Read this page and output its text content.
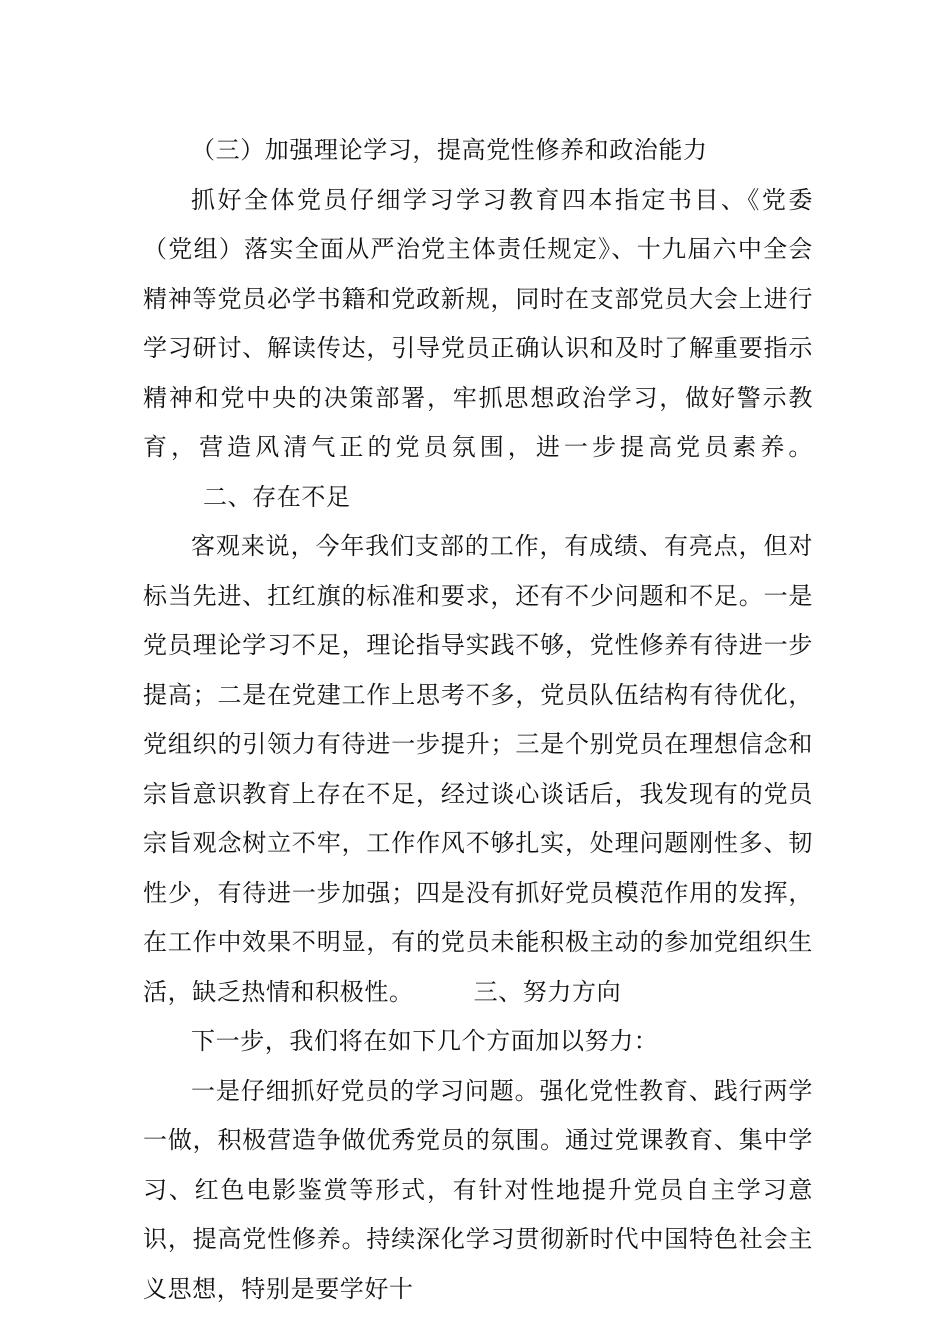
（三）加强理论学习，提高党性修养和政治能力

抓好全体党员仔细学习学习教育四本指定书目、《党委（党组）落实全面从严治党主体责任规定》、十九届六中全会精神等党员必学书籍和党政新规，同时在支部党员大会上进行学习研讨、解读传达，引导党员正确认识和及时了解重要指示精神和党中央的决策部署，牢抓思想政治学习，做好警示教育，营造风清气正的党员氛围，进一步提高党员素养。二、存在不足

客观来说，今年我们支部的工作，有成绩、有亮点，但对标当先进、扛红旗的标准和要求，还有不少问题和不足。一是党员理论学习不足，理论指导实践不够，党性修养有待进一步提高；二是在党建工作上思考不多，党员队伍结构有待优化，党组织的引领力有待进一步提升；三是个别党员在理想信念和宗旨意识教育上存在不足，经过谈心谈话后，我发现有的党员宗旨观念树立不牢，工作作风不够扎实，处理问题刚性多、韧性少，有待进一步加强；四是没有抓好党员模范作用的发挥，在工作中效果不明显，有的党员未能积极主动的参加党组织生活，缺乏热情和积极性。	三、努力方向

下一步，我们将在如下几个方面加以努力：

一是仔细抓好党员的学习问题。强化党性教育、践行两学一做，积极营造争做优秀党员的氛围。通过党课教育、集中学习、红色电影鉴赏等形式，有针对性地提升党员自主学习意识，提高党性修养。持续深化学习贯彻新时代中国特色社会主义思想，特别是要学好十
